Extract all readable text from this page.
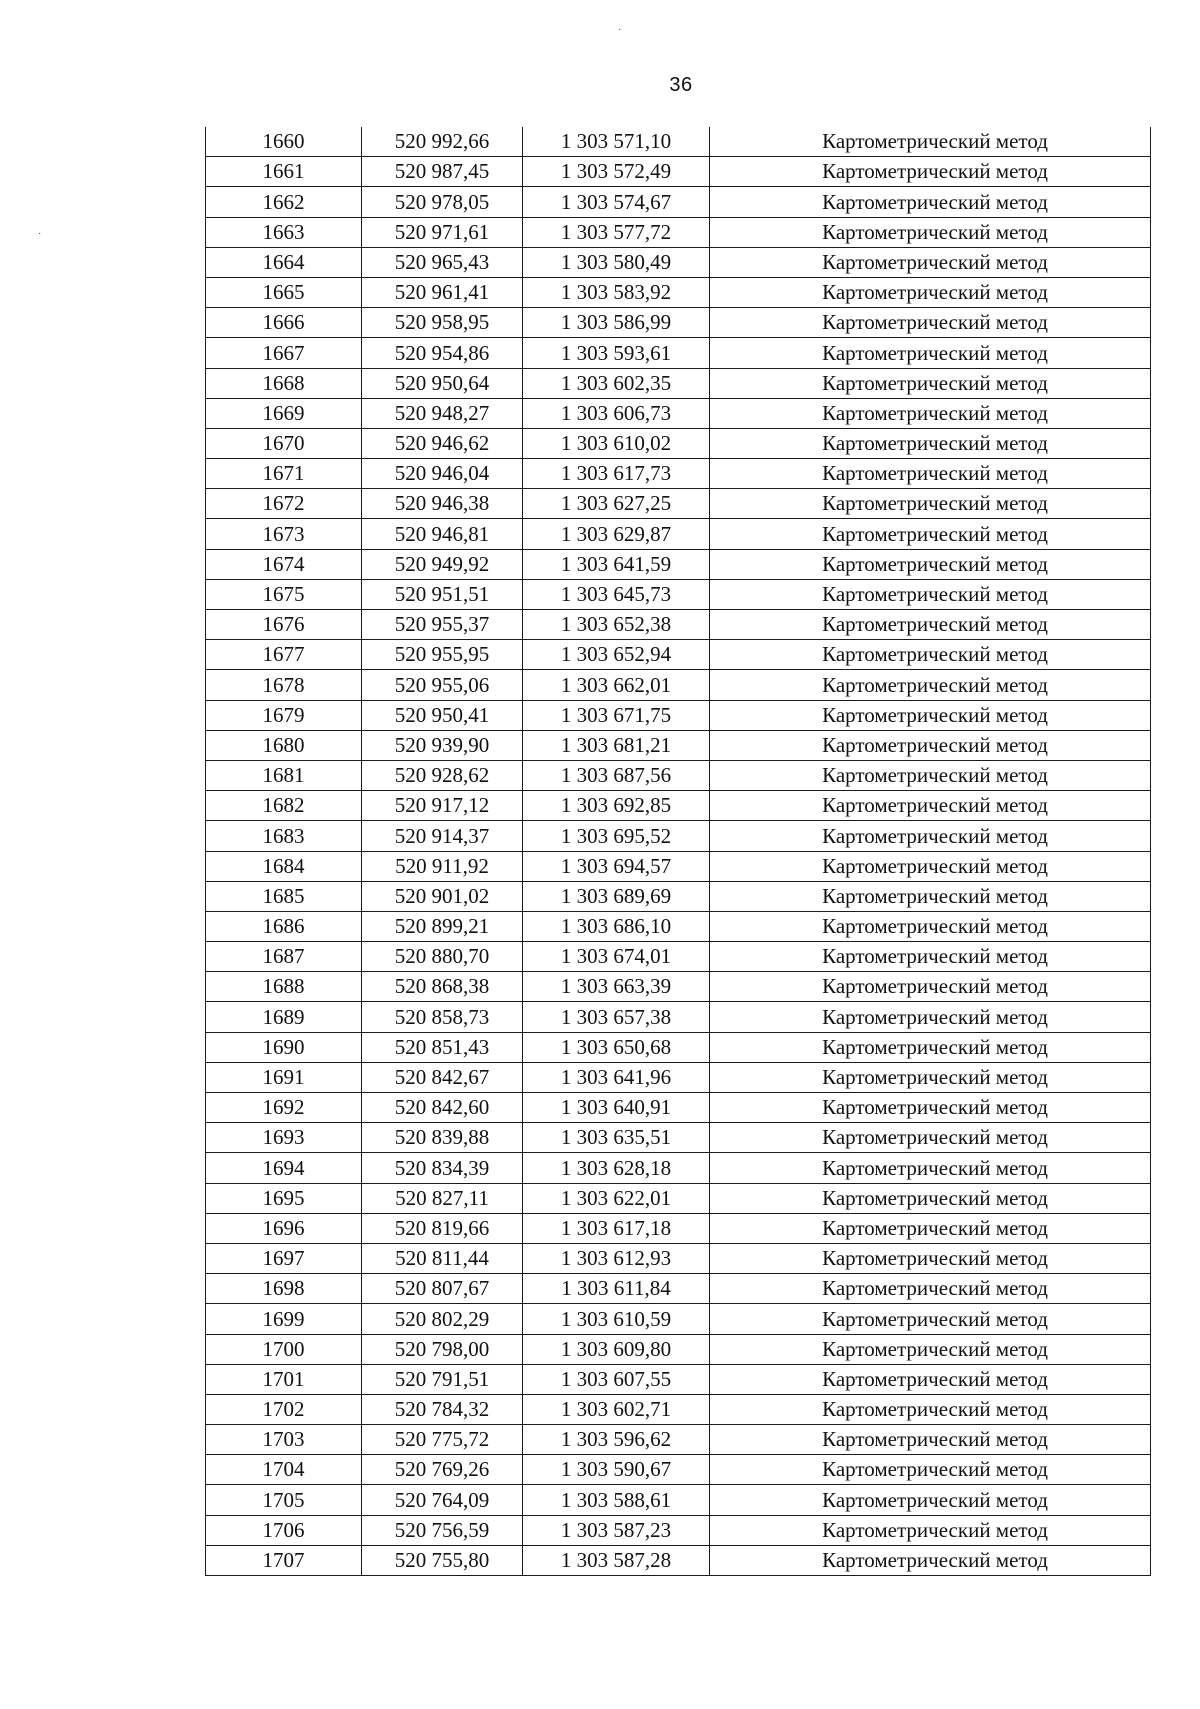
·
·
36
1660	520 992,66	1 303 571,10	Картометрический метод
1661	520 987,45	1 303 572,49	Картометрический метод
1662	520 978,05	1 303 574,67	Картометрический метод
1663	520 971,61	1 303 577,72	Картометрический метод
1664	520 965,43	1 303 580,49	Картометрический метод
1665	520 961,41	1 303 583,92	Картометрический метод
1666	520 958,95	1 303 586,99	Картометрический метод
1667	520 954,86	1 303 593,61	Картометрический метод
1668	520 950,64	1 303 602,35	Картометрический метод
1669	520 948,27	1 303 606,73	Картометрический метод
1670	520 946,62	1 303 610,02	Картометрический метод
1671	520 946,04	1 303 617,73	Картометрический метод
1672	520 946,38	1 303 627,25	Картометрический метод
1673	520 946,81	1 303 629,87	Картометрический метод
1674	520 949,92	1 303 641,59	Картометрический метод
1675	520 951,51	1 303 645,73	Картометрический метод
1676	520 955,37	1 303 652,38	Картометрический метод
1677	520 955,95	1 303 652,94	Картометрический метод
1678	520 955,06	1 303 662,01	Картометрический метод
1679	520 950,41	1 303 671,75	Картометрический метод
1680	520 939,90	1 303 681,21	Картометрический метод
1681	520 928,62	1 303 687,56	Картометрический метод
1682	520 917,12	1 303 692,85	Картометрический метод
1683	520 914,37	1 303 695,52	Картометрический метод
1684	520 911,92	1 303 694,57	Картометрический метод
1685	520 901,02	1 303 689,69	Картометрический метод
1686	520 899,21	1 303 686,10	Картометрический метод
1687	520 880,70	1 303 674,01	Картометрический метод
1688	520 868,38	1 303 663,39	Картометрический метод
1689	520 858,73	1 303 657,38	Картометрический метод
1690	520 851,43	1 303 650,68	Картометрический метод
1691	520 842,67	1 303 641,96	Картометрический метод
1692	520 842,60	1 303 640,91	Картометрический метод
1693	520 839,88	1 303 635,51	Картометрический метод
1694	520 834,39	1 303 628,18	Картометрический метод
1695	520 827,11	1 303 622,01	Картометрический метод
1696	520 819,66	1 303 617,18	Картометрический метод
1697	520 811,44	1 303 612,93	Картометрический метод
1698	520 807,67	1 303 611,84	Картометрический метод
1699	520 802,29	1 303 610,59	Картометрический метод
1700	520 798,00	1 303 609,80	Картометрический метод
1701	520 791,51	1 303 607,55	Картометрический метод
1702	520 784,32	1 303 602,71	Картометрический метод
1703	520 775,72	1 303 596,62	Картометрический метод
1704	520 769,26	1 303 590,67	Картометрический метод
1705	520 764,09	1 303 588,61	Картометрический метод
1706	520 756,59	1 303 587,23	Картометрический метод
1707	520 755,80	1 303 587,28	Картометрический метод
